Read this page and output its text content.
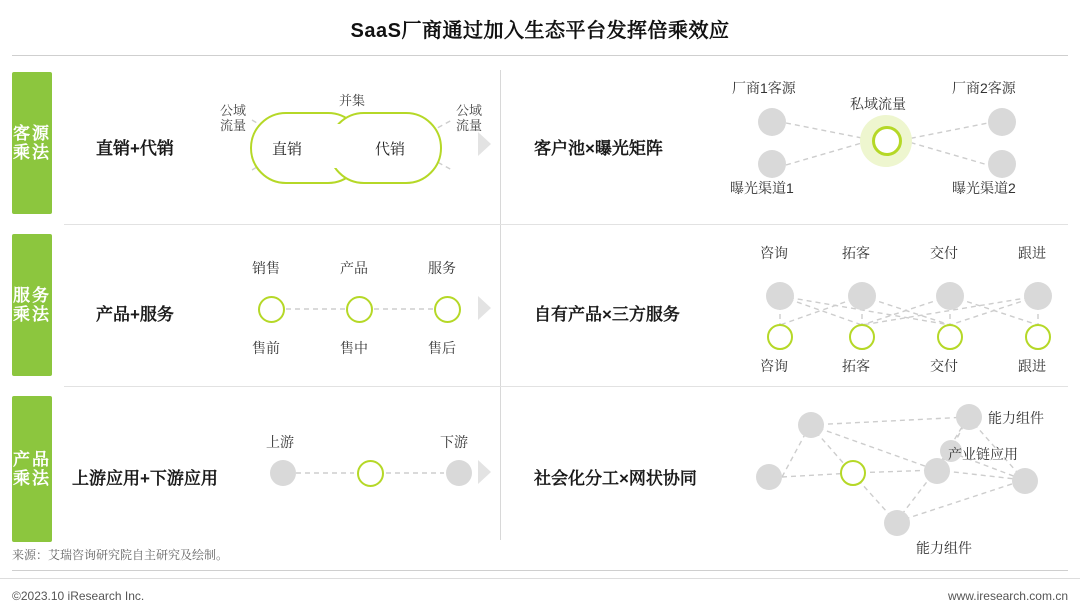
SaaS厂商通过加入生态平台发挥倍乘效应
客源乘法	直销+代销
并集
公域流量
公域流量
直销	代销	客户池×曝光矩阵
厂商1客源
私域流量
厂商2客源
曝光渠道1	曝光渠道2
服务乘法	产品+服务
销售	产品	服务
售前	售中	售后
自有产品×三方服务
咨询	拓客	交付	跟进
咨询	拓客	交付	跟进
产品乘法 上游应用+下游应用
上游	下游
社会化分工×网状协同
能力组件
产业链应用
能力组件
来源：艾瑞咨询研究院自主研究及绘制。
©2023.10 iResearch Inc.	www.iresearch.com.cn
